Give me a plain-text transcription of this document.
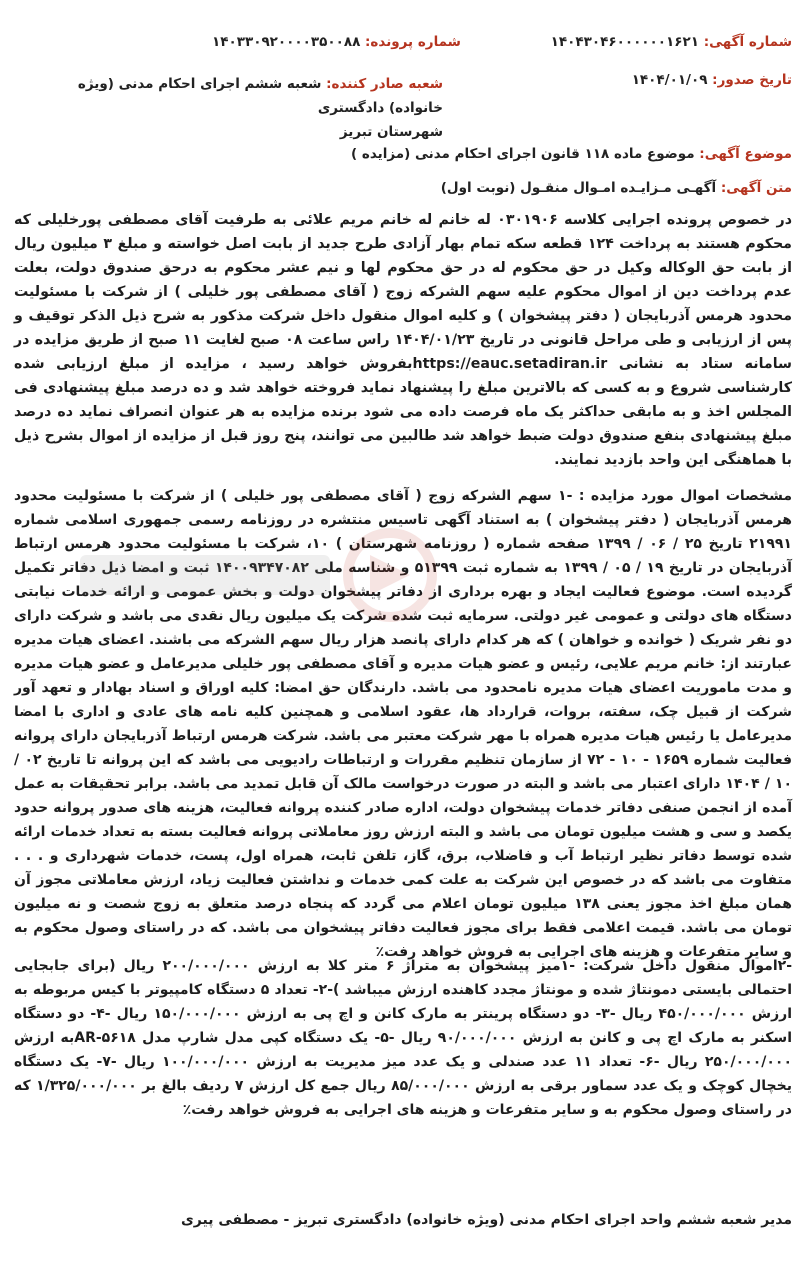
شماره آگهی: ۱۴۰۴۳۰۴۶۰۰۰۰۰۰۱۶۲۱
شماره پرونده: ۱۴۰۳۳۰۹۲۰۰۰۰۳۵۰۰۸۸
تاریخ صدور: ۱۴۰۴/۰۱/۰۹
شعبه صادر کننده: شعبه ششم اجرای احکام مدنی (ویژه خانواده) دادگستری
شهرستان تبریز
موضوع آگهی: موضوع ماده ۱۱۸ قانون اجرای احکام مدنی (مزایده )
متن آگهی: آگهـی مـزایـده امـوال منقـول (نوبت اول)
در خصوص پرونده اجرایی کلاسه ۰۳۰۱۹۰۶ له خانم له خانم مریم علائی به طرفیت آقای مصطفی پورخلیلی که محکوم هستند به پرداخت ۱۲۴ قطعه سکه تمام بهار آزادی طرح جدید از بابت اصل خواسته و مبلغ ۳ میلیون ریال از بابت حق الوکاله وکیل در حق محکوم له در حق محکوم لها و نیم عشر محکوم به درحق صندوق دولت، بعلت عدم پرداخت دین از اموال محکوم علیه سهم الشرکه زوج ( آقای مصطفی پور خلیلی ) از شرکت با مسئولیت محدود هرمس آذربایجان ( دفتر پیشخوان ) و کلیه اموال منقول داخل شرکت مذکور به شرح ذیل الذکر توقیف و پس از ارزیابی و طی مراحل قانونی در تاریخ ۱۴۰۴/۰۱/۲۳ راس ساعت ۰۸ صبح لغایت ۱۱ صبح از طریق مزایده در سامانه ستاد به نشانی https://eauc.setadiran.irبفروش خواهد رسید ، مزایده از مبلغ ارزیابی شده کارشناسی شروع و به کسی که بالاترین مبلغ را پیشنهاد نماید فروخته خواهد شد و ده درصد مبلغ پیشنهادی فی المجلس اخذ و به مابقی حداکثر یک ماه فرصت داده می شود برنده مزایده به هر عنوان انصراف نماید ده درصد مبلغ پیشنهادی بنفع صندوق دولت ضبط خواهد شد طالبین می توانند، پنج روز قبل از مزایده از اموال بشرح ذیل با هماهنگی این واحد بازدید نمایند.
مشخصات اموال مورد مزایده : -۱ سهم الشرکه زوج ( آقای مصطفی پور خلیلی ) از شرکت با مسئولیت محدود هرمس آذربایجان ( دفتر پیشخوان ) به استناد آگهی تاسیس منتشره در روزنامه رسمی جمهوری اسلامی شماره ۲۱۹۹۱ تاریخ ۲۵ / ۰۶ / ۱۳۹۹ صفحه شماره ( روزنامه شهرستان ) ۱۰، شرکت با مسئولیت محدود هرمس ارتباط آذربایجان در تاریخ ۱۹ / ۰۵ / ۱۳۹۹ به شماره ثبت ۵۱۳۹۹ و شناسه ملی ۱۴۰۰۹۳۴۷۰۸۲ ثبت و امضا ذیل دفاتر تکمیل گردیده است. موضوع فعالیت ایجاد و بهره برداری از دفاتر پیشخوان دولت و بخش عمومی و ارائه خدمات نیابتی دستگاه های دولتی و عمومی غیر دولتی. سرمایه ثبت شده شرکت یک میلیون ریال نقدی می باشد و شرکت دارای دو نفر شریک ( خوانده و خواهان ) که هر کدام دارای پانصد هزار ریال سهم الشرکه می باشند. اعضای هیات مدیره عبارتند از: خانم مریم علایی، رئیس و عضو هیات مدیره و آقای مصطفی پور خلیلی مدیرعامل و عضو هیات مدیره و مدت ماموریت اعضای هیات مدیره نامحدود می باشد. دارندگان حق امضا: کلیه اوراق و اسناد بهادار و تعهد آور شرکت از قبیل چک، سفته، بروات، قرارداد ها، عقود اسلامی و همچنین کلیه نامه های عادی و اداری با امضا مدیرعامل یا رئیس هیات مدیره همراه با مهر شرکت معتبر می باشد. شرکت هرمس ارتباط آذربایجان دارای پروانه فعالیت شماره ۱۶۵۹ - ۱۰ - ۷۲ از سازمان تنظیم مقررات و ارتباطات رادیویی می باشد که این پروانه تا تاریخ ۰۲ / ۱۰ / ۱۴۰۴ دارای اعتبار می باشد و البته در صورت درخواست مالک آن قابل تمدید می باشد. برابر تحقیقات به عمل آمده از انجمن صنفی دفاتر خدمات پیشخوان دولت، اداره صادر کننده پروانه فعالیت، هزینه های صدور پروانه حدود یکصد و سی و هشت میلیون تومان می باشد و البته ارزش روز معاملاتی پروانه فعالیت بسته به تعداد خدمات ارائه شده توسط دفاتر نظیر ارتباط آب و فاضلاب، برق، گاز، تلفن ثابت، همراه اول، پست، خدمات شهرداری و . . . متفاوت می باشد که در خصوص این شرکت به علت کمی خدمات و نداشتن فعالیت زیاد، ارزش معاملاتی مجوز آن همان مبلغ اخذ مجوز یعنی ۱۳۸ میلیون تومان اعلام می گردد که پنجاه درصد متعلق به زوج شصت و نه میلیون تومان می باشد. قیمت اعلامی فقط برای مجوز فعالیت دفاتر پیشخوان می باشد. که در راستای وصول محکوم به و سایر متفرعات و هزینه های اجرایی به فروش خواهد رفت٪
-۲اموال منقول داخل شرکت: -۱میز پیشخوان به متراژ ۶ متر کلا به ارزش ۲۰۰/۰۰۰/۰۰۰ ریال (برای جابجایی احتمالی بایستی دمونتاژ شده و مونتاژ مجدد کاهنده ارزش میباشد )-۲- تعداد ۵ دستگاه کامپیوتر با کیس مربوطه به ارزش ۴۵۰/۰۰۰/۰۰۰ ریال -۳- دو دستگاه پرینتر به مارک کانن و اچ پی به ارزش ۱۵۰/۰۰۰/۰۰۰ ریال -۴- دو دستگاه اسکنر به مارک اچ پی و کانن به ارزش ۹۰/۰۰۰/۰۰۰ ریال -۵- یک دستگاه کپی مدل شارپ مدل AR-۵۶۱۸به ارزش ۲۵۰/۰۰۰/۰۰۰ ریال -۶- تعداد ۱۱ عدد صندلی و یک عدد میز مدیریت به ارزش ۱۰۰/۰۰۰/۰۰۰ ریال -۷- یک دستگاه یخچال کوچک و یک عدد سماور برقی به ارزش ۸۵/۰۰۰/۰۰۰ ریال جمع کل ارزش ۷ ردیف بالغ بر ۱/۳۲۵/۰۰۰/۰۰۰ که در راستای وصول محکوم به و سایر متفرعات و هزینه های اجرایی به فروش خواهد رفت٪
مدیر شعبه ششم واحد اجرای احکام مدنی (ویژه خانواده) دادگستری تبریز - مصطفی پیری
